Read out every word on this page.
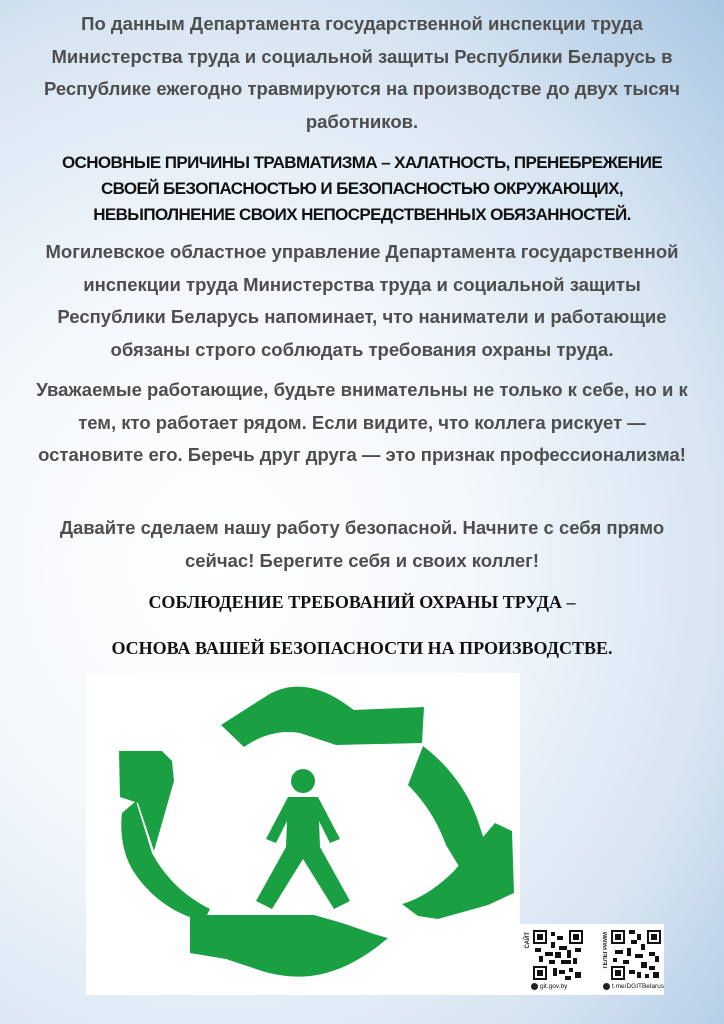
По данным Департамента государственной инспекции труда Министерства труда и социальной защиты Республики Беларусь в Республике ежегодно травмируются на производстве до двух тысяч работников.

ОСНОВНЫЕ ПРИЧИНЫ ТРАВМАТИЗМА – ХАЛАТНОСТЬ, ПРЕНЕБРЕЖЕНИЕ СВОЕЙ БЕЗОПАСНОСТЬЮ И БЕЗОПАСНОСТЬЮ ОКРУЖАЮЩИХ, НЕВЫПОЛНЕНИЕ СВОИХ НЕПОСРЕДСТВЕННЫХ ОБЯЗАННОСТЕЙ.

Могилевское областное управление Департамента государственной инспекции труда Министерства труда и социальной защиты Республики Беларусь напоминает, что наниматели и работающие обязаны строго соблюдать требования охраны труда.

Уважаемые работающие, будьте внимательны не только к себе, но и к тем, кто работает рядом. Если видите, что коллега рискует — остановите его. Беречь друг друга — это признак профессионализма!

Давайте сделаем нашу работу безопасной. Начните с себя прямо сейчас! Берегите себя и своих коллег!

СОБЛЮДЕНИЕ ТРЕБОВАНИЙ ОХРАНЫ ТРУДА –

ОСНОВА ВАШЕЙ БЕЗОПАСНОСТИ НА ПРОИЗВОДСТВЕ.

САЙТ
git.gov.by
ТЕЛЕГРАММ
t.me/DGITBelarus
